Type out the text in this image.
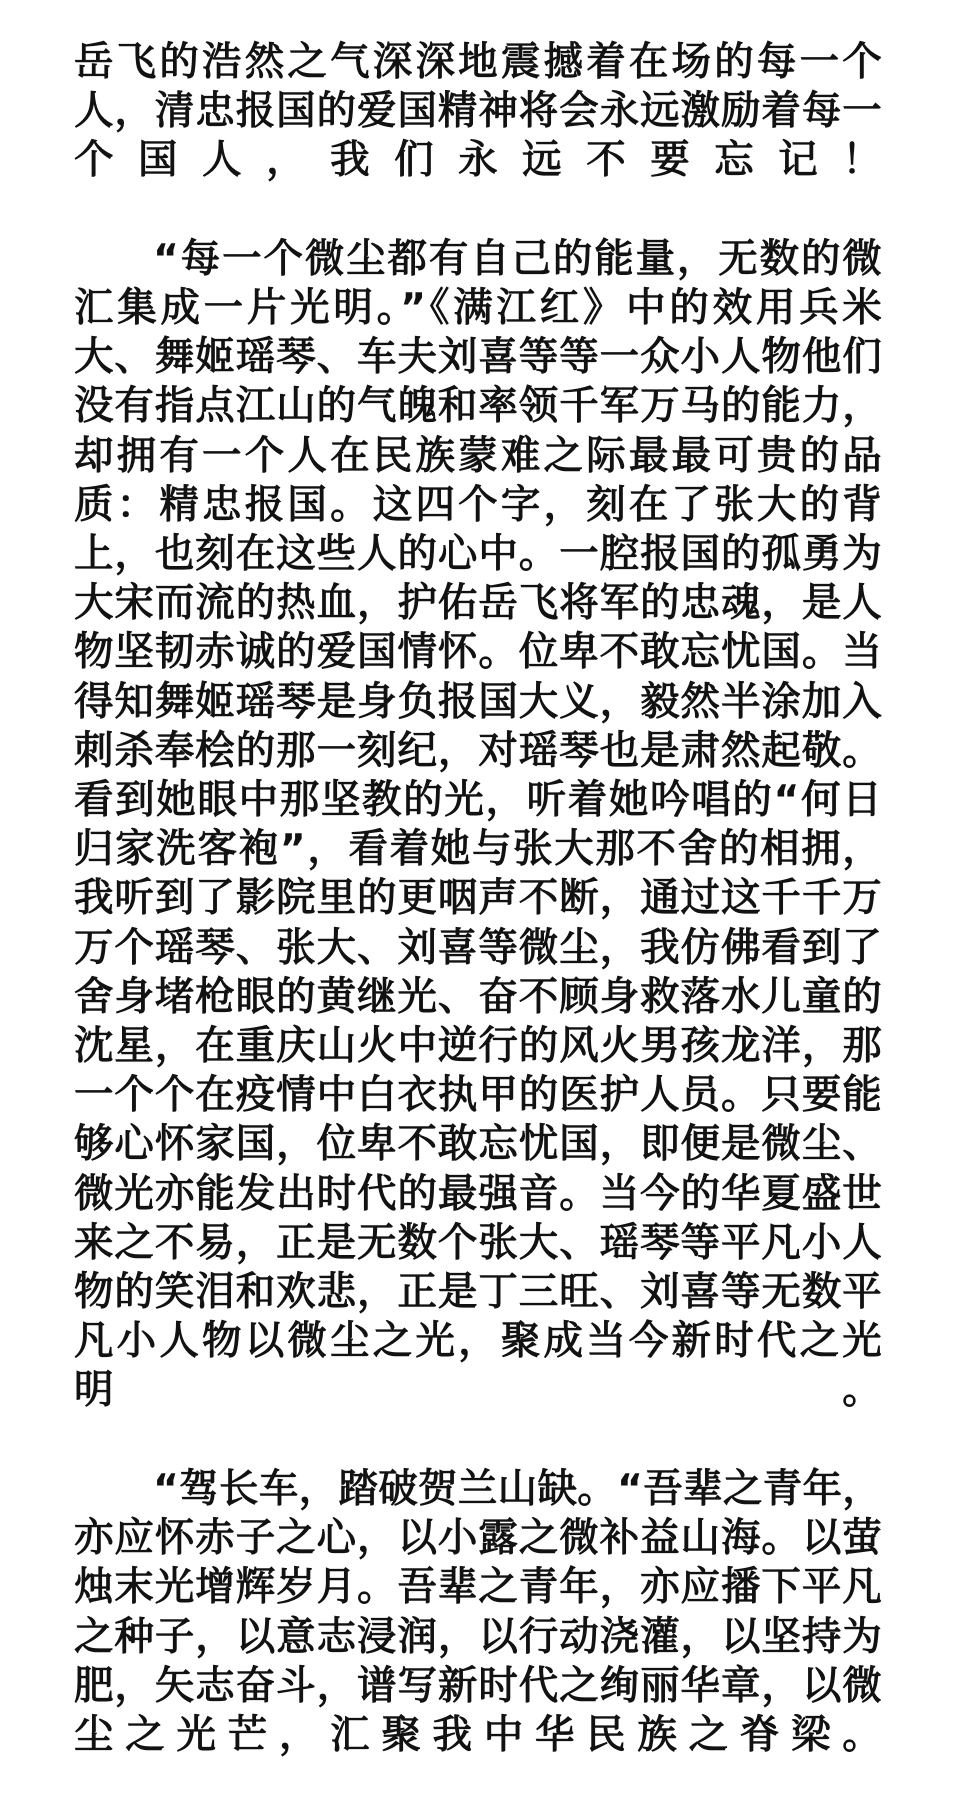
岳飞的浩然之气深深地震撼着在场的每一个人，清忠报国的爱国精神将会永远激励着每一个国人，我们永远不要忘记！

“每一个微尘都有自己的能量，无数的微汇集成一片光明。”《满江红》中的效用兵米大、舞姬瑶琴、车夫刘喜等等一众小人物他们没有指点江山的气魄和率领千军万马的能力，却拥有一个人在民族蒙难之际最最可贵的品质：精忠报国。这四个字，刻在了张大的背上，也刻在这些人的心中。一腔报国的孤勇为大宋而流的热血，护佑岳飞将军的忠魂，是人物坚韧赤诚的爱国情怀。位卑不敢忘忧国。当得知舞姬瑶琴是身负报国大义，毅然半涂加入刺杀奉桧的那一刻纪，对瑶琴也是肃然起敬。看到她眼中那坚教的光，听着她吟唱的“何日归家洗客袍”，看着她与张大那不舍的相拥，我听到了影院里的更咽声不断，通过这千千万万个瑶琴、张大、刘喜等微尘，我仿佛看到了舍身堵枪眼的黄继光、奋不顾身救落水儿童的沈星，在重庆山火中逆行的风火男孩龙洋，那一个个在疫情中白衣执甲的医护人员。只要能够心怀家国，位卑不敢忘忧国，即便是微尘、微光亦能发出时代的最强音。当今的华夏盛世来之不易，正是无数个张大、瑶琴等平凡小人物的笑泪和欢悲，正是丁三旺、刘喜等无数平凡小人物以微尘之光，聚成当今新时代之光明。

“驾长车，踏破贺兰山缺。“吾辈之青年，亦应怀赤子之心，以小露之微补益山海。以萤烛末光增辉岁月。吾辈之青年，亦应播下平凡之种子，以意志浸润，以行动浇灌，以坚持为肥，矢志奋斗，谱写新时代之绚丽华章，以微尘之光芒，汇聚我中华民族之脊梁。
